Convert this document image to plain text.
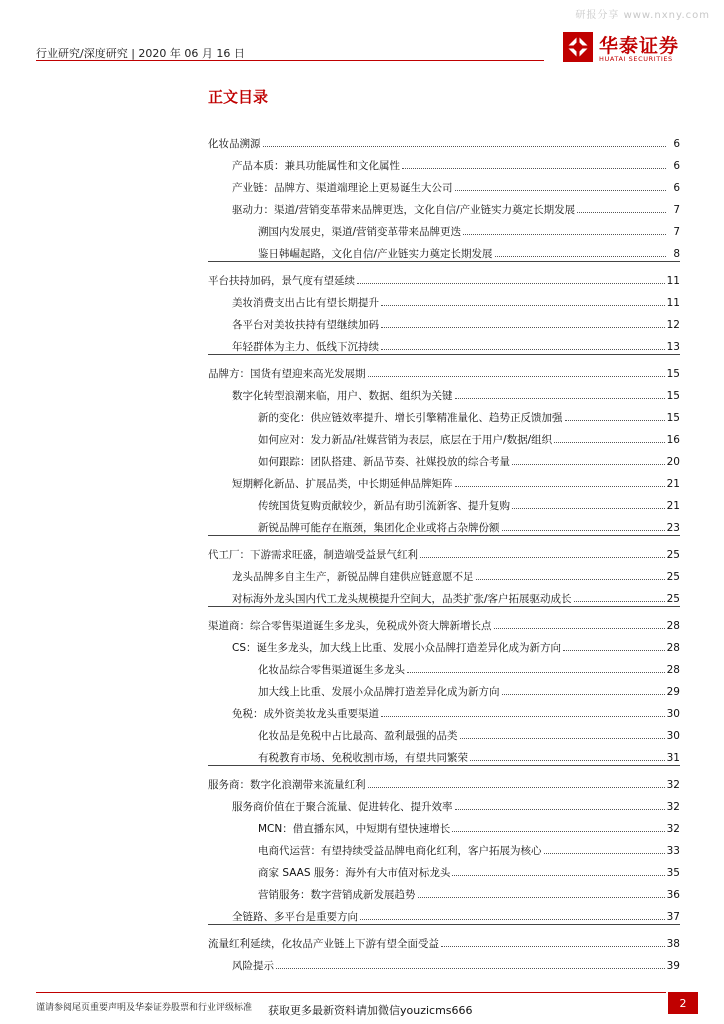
研报分享 www.nxny.com
行业研究/深度研究 | 2020 年 06 月 16 日	华泰证券
HUATAI SECURITIES
正文目录
化妆品溯源	6
产品本质：兼具功能属性和文化属性	6
产业链：品牌方、渠道端理论上更易诞生大公司	6
驱动力：渠道/营销变革带来品牌更迭，文化自信/产业链实力奠定长期发展	7
溯国内发展史，渠道/营销变革带来品牌更迭	7
鉴日韩崛起路，文化自信/产业链实力奠定长期发展	8
平台扶持加码，景气度有望延续	11
美妆消费支出占比有望长期提升	11
各平台对美妆扶持有望继续加码	12
年轻群体为主力、低线下沉持续	13
品牌方：国货有望迎来高光发展期	15
数字化转型浪潮来临，用户、数据、组织为关键	15
新的变化：供应链效率提升、增长引擎精准量化、趋势正反馈加强	15
如何应对：发力新品/社媒营销为表层，底层在于用户/数据/组织	16
如何跟踪：团队搭建、新品节奏、社媒投放的综合考量	20
短期孵化新品、扩展品类，中长期延伸品牌矩阵	21
传统国货复购贡献较少，新品有助引流新客、提升复购	21
新锐品牌可能存在瓶颈，集团化企业或将占杂牌份额	23
代工厂：下游需求旺盛，制造端受益景气红利	25
龙头品牌多自主生产，新锐品牌自建供应链意愿不足	25
对标海外龙头国内代工龙头规模提升空间大，品类扩张/客户拓展驱动成长	25
渠道商：综合零售渠道诞生多龙头，免税成外资大牌新增长点	28
CS：诞生多龙头，加大线上比重、发展小众品牌打造差异化成为新方向	28
化妆品综合零售渠道诞生多龙头	28
加大线上比重、发展小众品牌打造差异化成为新方向	29
免税：成外资美妆龙头重要渠道	30
化妆品是免税中占比最高、盈利最强的品类	30
有税教育市场、免税收割市场，有望共同繁荣	31
服务商：数字化浪潮带来流量红利	32
服务商价值在于聚合流量、促进转化、提升效率	32
MCN：借直播东风，中短期有望快速增长	32
电商代运营：有望持续受益品牌电商化红利，客户拓展为核心	33
商家 SAAS 服务：海外有大市值对标龙头	35
营销服务：数字营销成新发展趋势	36
全链路、多平台是重要方向	37
流量红利延续，化妆品产业链上下游有望全面受益	38
风险提示	39
谨请参阅尾页重要声明及华泰证券股票和行业评级标准 获取更多最新资料请加微信youzicms666
2
